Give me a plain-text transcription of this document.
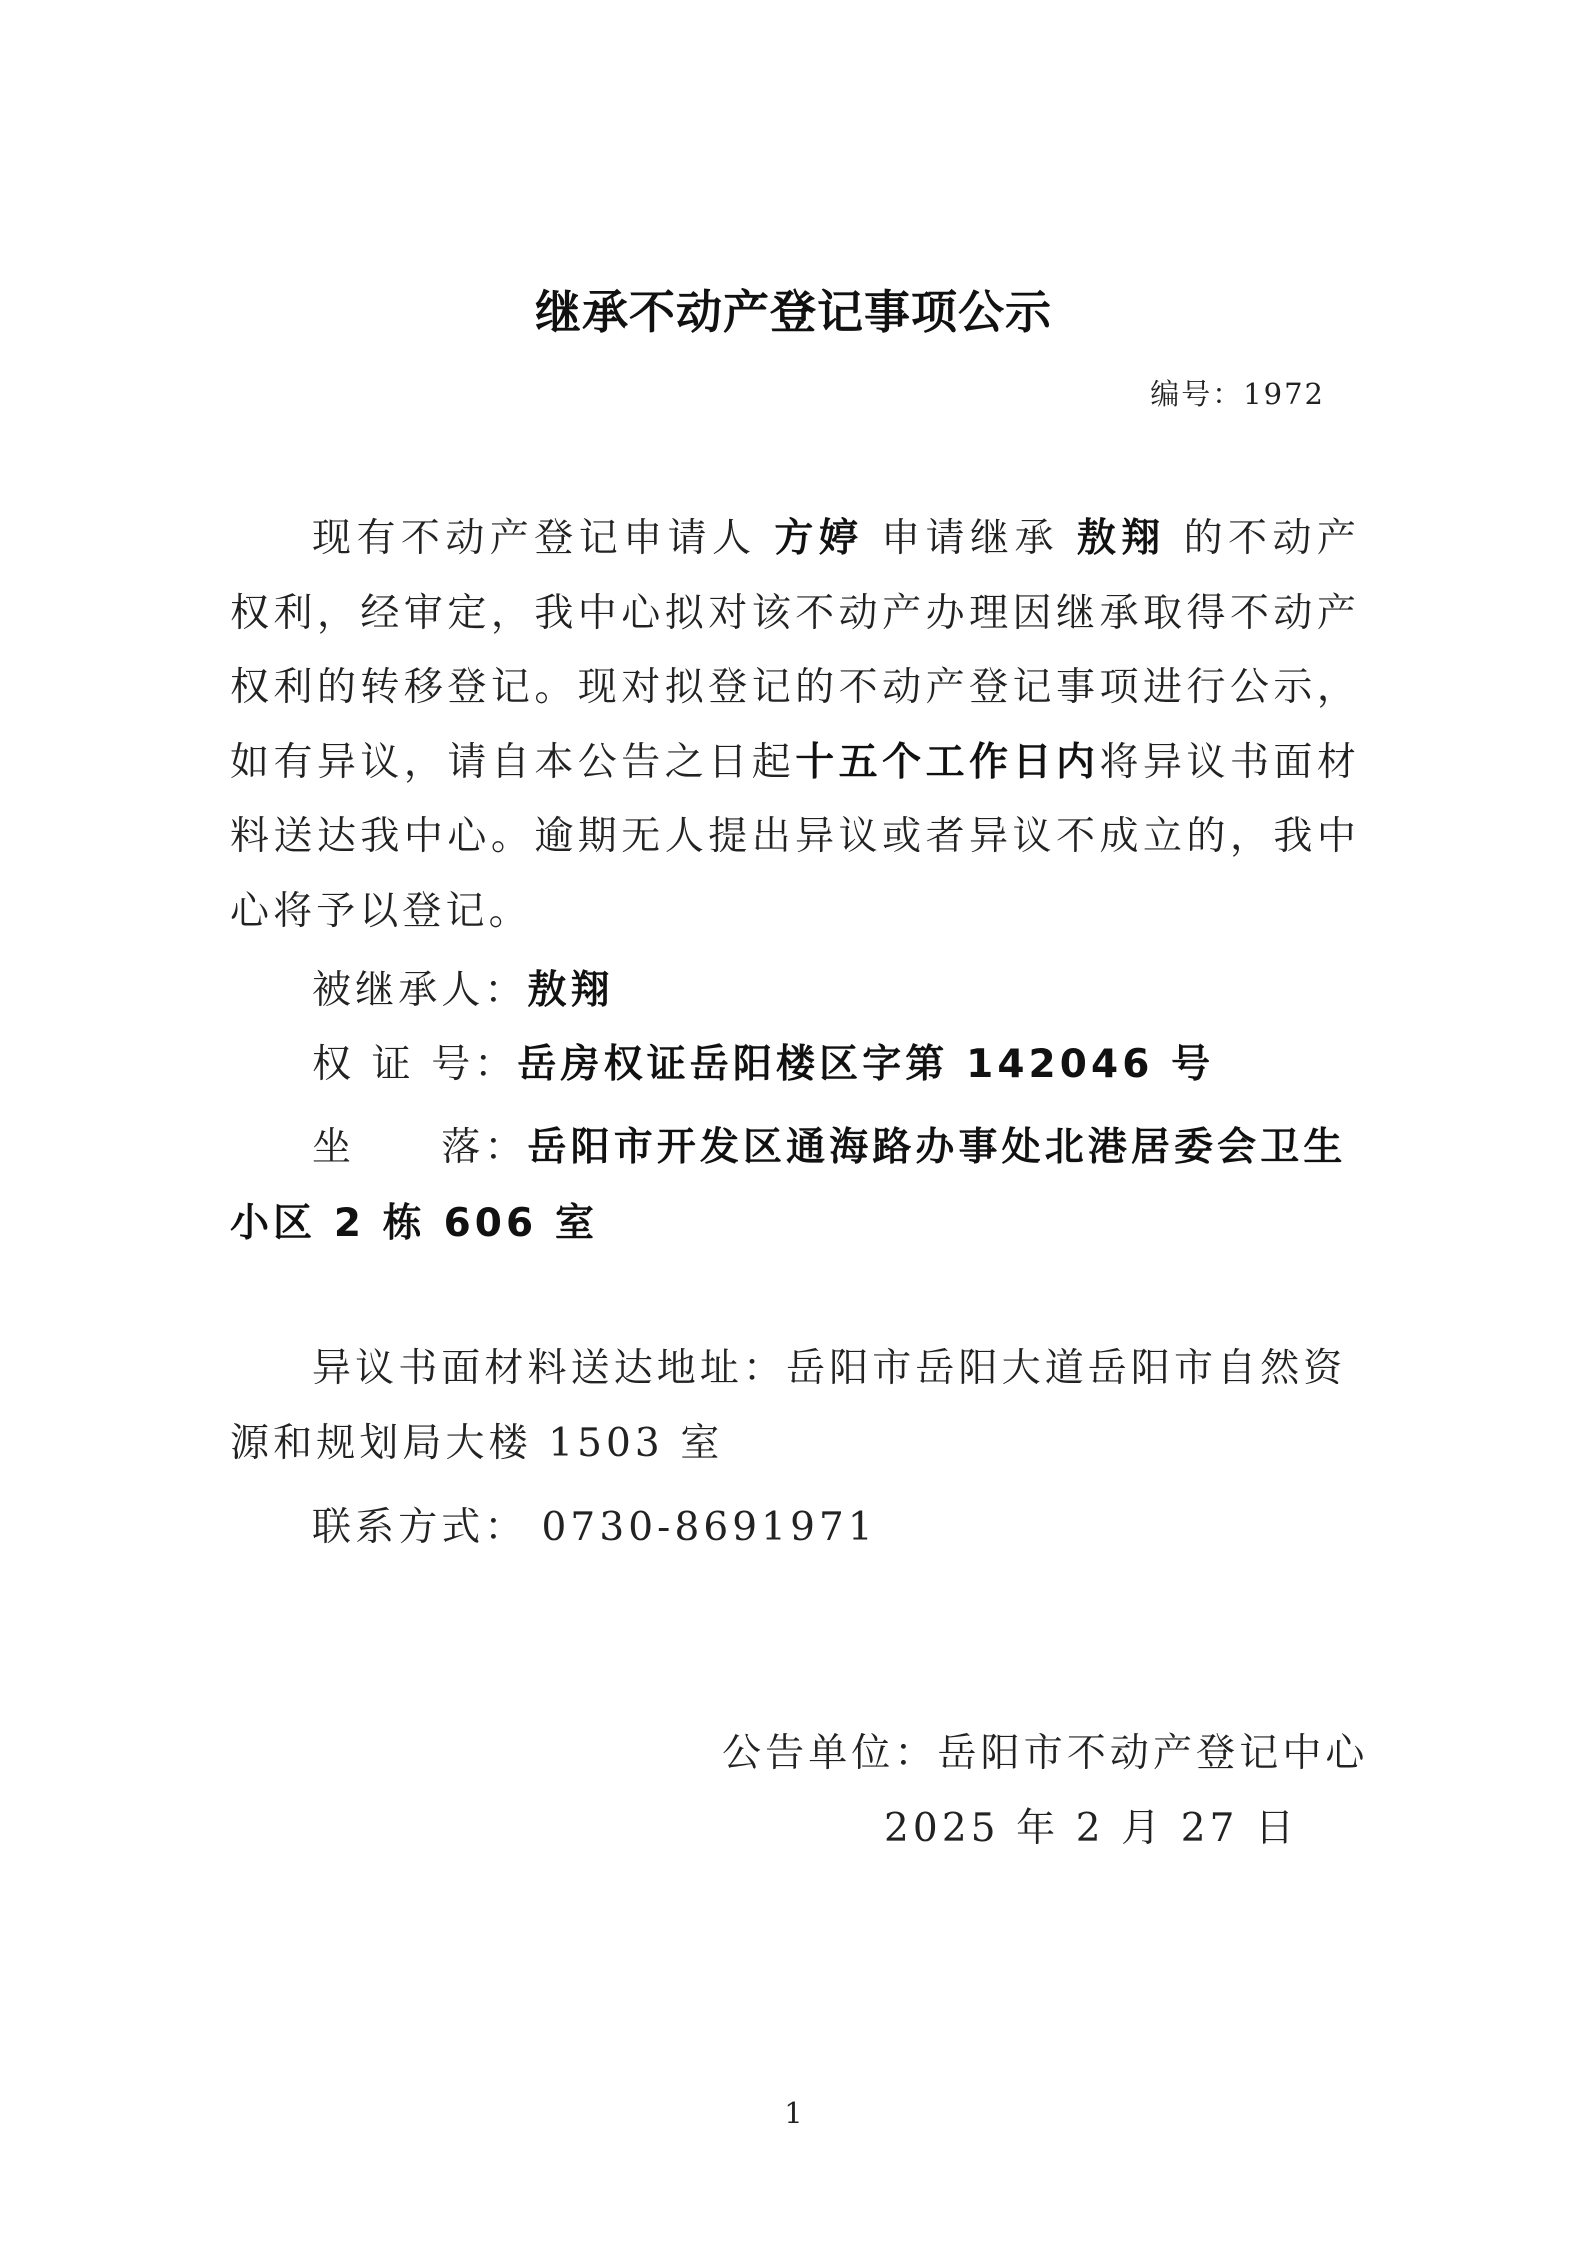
继承不动产登记事项公示
编号：1972
现有不动产登记申请人 方婷 申请继承 敖翔 的不动产权利，经审定，我中心拟对该不动产办理因继承取得不动产权利的转移登记。现对拟登记的不动产登记事项进行公示，如有异议，请自本公告之日起十五个工作日内将异议书面材料送达我中心。逾期无人提出异议或者异议不成立的，我中心将予以登记。
被继承人：敖翔
权 证 号：岳房权证岳阳楼区字第 142046 号
坐　　落：岳阳市开发区通海路办事处北港居委会卫生小区 2 栋 606 室
异议书面材料送达地址：岳阳市岳阳大道岳阳市自然资源和规划局大楼 1503 室
联系方式： 0730-8691971
公告单位：岳阳市不动产登记中心
2025 年 2 月 27 日
1
